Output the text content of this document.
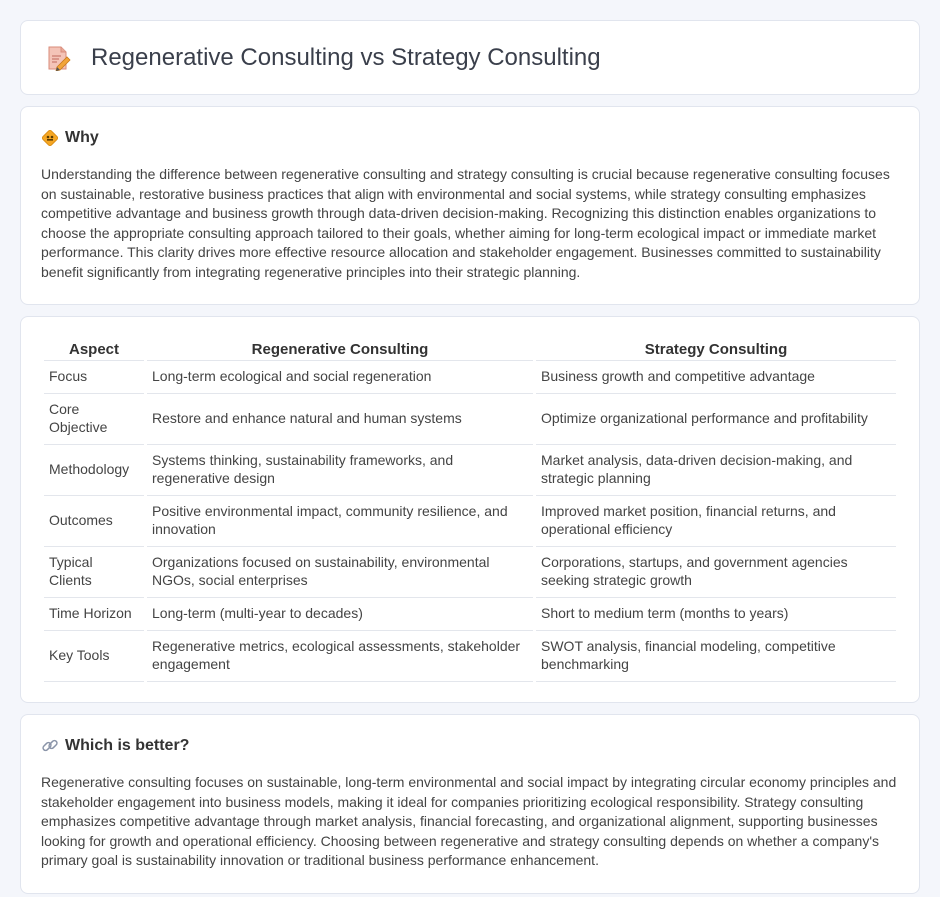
Regenerative Consulting vs Strategy Consulting
Why

Understanding the difference between regenerative consulting and strategy consulting is crucial because regenerative consulting focuses on sustainable, restorative business practices that align with environmental and social systems, while strategy consulting emphasizes competitive advantage and business growth through data-driven decision-making. Recognizing this distinction enables organizations to choose the appropriate consulting approach tailored to their goals, whether aiming for long-term ecological impact or immediate market performance. This clarity drives more effective resource allocation and stakeholder engagement. Businesses committed to sustainability benefit significantly from integrating regenerative principles into their strategic planning.

Aspect	Regenerative Consulting	Strategy Consulting
Focus	Long-term ecological and social regeneration	Business growth and competitive advantage
Core Objective	Restore and enhance natural and human systems	Optimize organizational performance and profitability
Methodology	Systems thinking, sustainability frameworks, and regenerative design	Market analysis, data-driven decision-making, and strategic planning
Outcomes	Positive environmental impact, community resilience, and innovation	Improved market position, financial returns, and operational efficiency
Typical Clients	Organizations focused on sustainability, environmental NGOs, social enterprises	Corporations, startups, and government agencies seeking strategic growth
Time Horizon	Long-term (multi-year to decades)	Short to medium term (months to years)
Key Tools	Regenerative metrics, ecological assessments, stakeholder engagement	SWOT analysis, financial modeling, competitive benchmarking
Which is better?

Regenerative consulting focuses on sustainable, long-term environmental and social impact by integrating circular economy principles and stakeholder engagement into business models, making it ideal for companies prioritizing ecological responsibility. Strategy consulting emphasizes competitive advantage through market analysis, financial forecasting, and organizational alignment, supporting businesses looking for growth and operational efficiency. Choosing between regenerative and strategy consulting depends on whether a company's primary goal is sustainability innovation or traditional business performance enhancement.
